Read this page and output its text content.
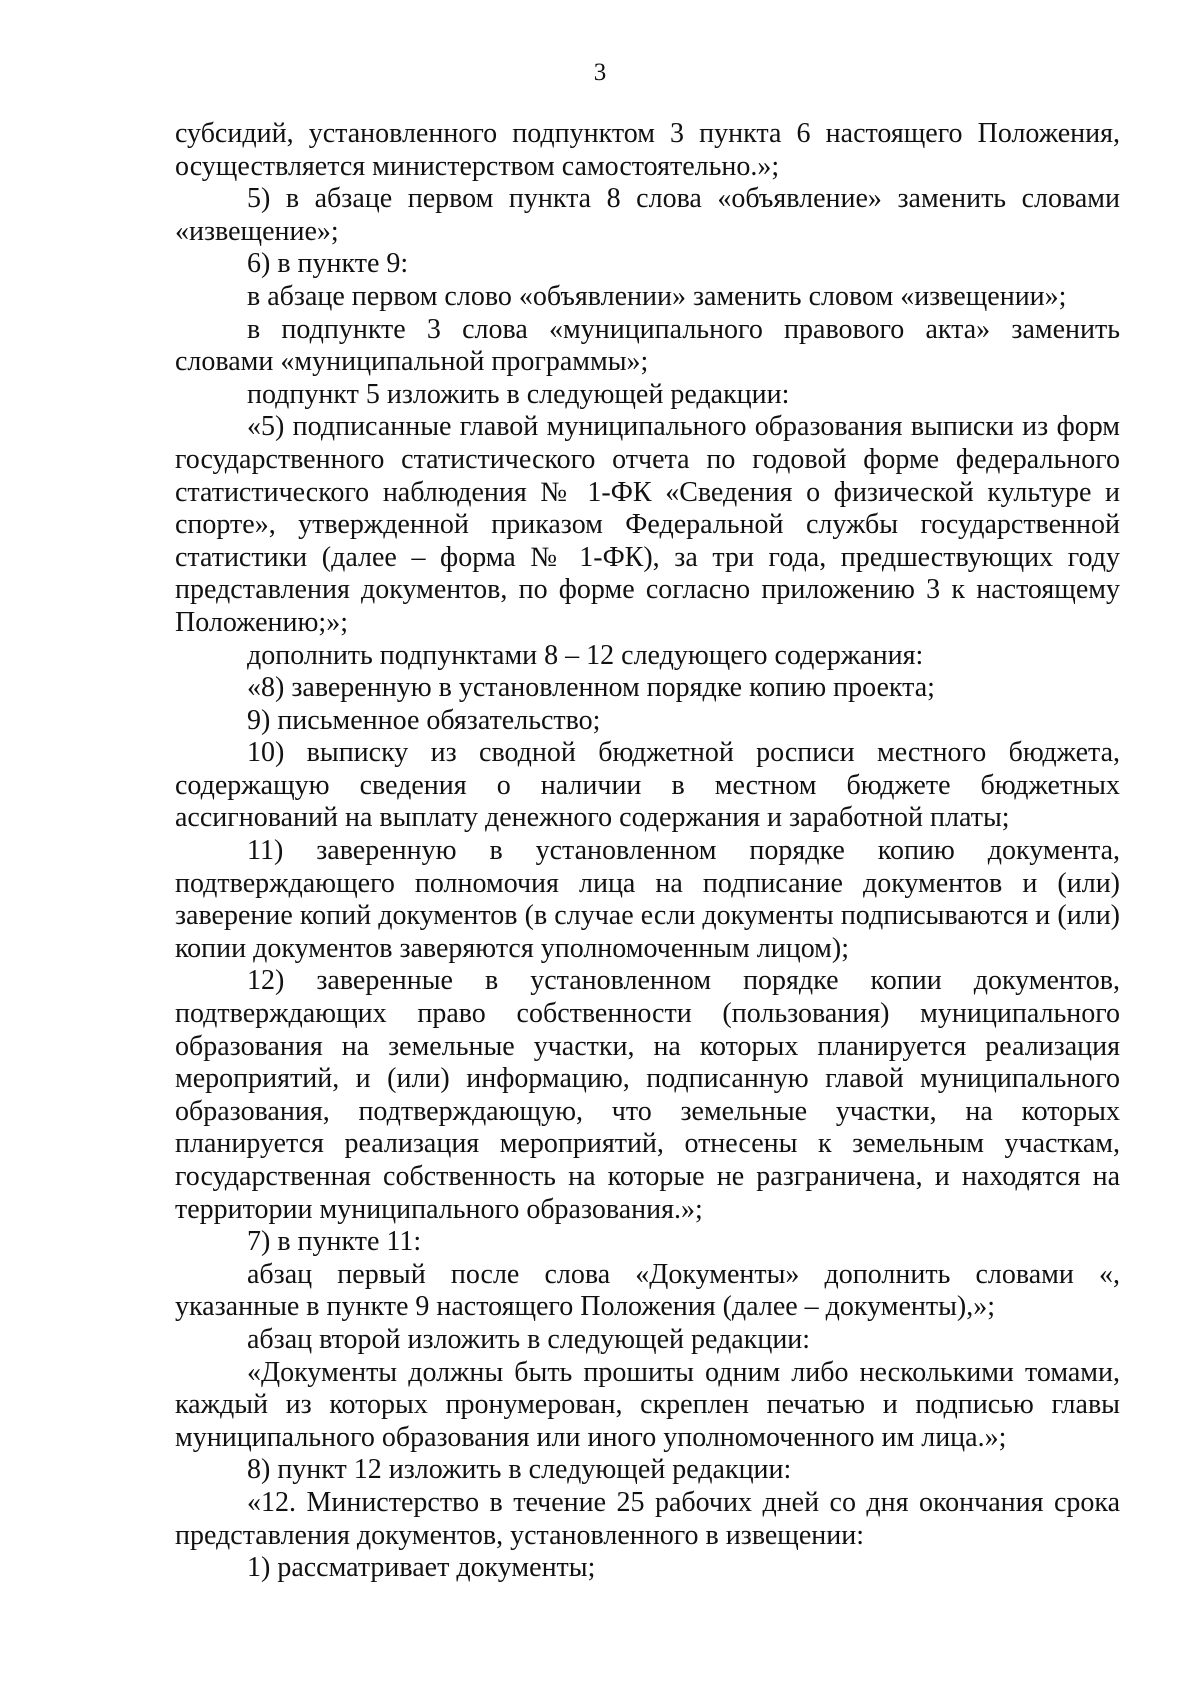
3

субсидий, установленного подпунктом 3 пункта 6 настоящего Положения, осуществляется министерством самостоятельно.»;

5) в абзаце первом пункта 8 слова «объявление» заменить словами «извещение»;

6) в пункте 9:

в абзаце первом слово «объявлении» заменить словом «извещении»;

в подпункте 3 слова «муниципального правового акта» заменить словами «муниципальной программы»;

подпункт 5 изложить в следующей редакции:

«5) подписанные главой муниципального образования выписки из форм государственного статистического отчета по годовой форме федерального статистического наблюдения № 1-ФК «Сведения о физической культуре и спорте», утвержденной приказом Федеральной службы государственной статистики (далее – форма № 1-ФК), за три года, предшествующих году представления документов, по форме согласно приложению 3 к настоящему Положению;»;

дополнить подпунктами 8 – 12 следующего содержания:

«8) заверенную в установленном порядке копию проекта;

9) письменное обязательство;

10) выписку из сводной бюджетной росписи местного бюджета, содержащую сведения о наличии в местном бюджете бюджетных ассигнований на выплату денежного содержания и заработной платы;

11) заверенную в установленном порядке копию документа, подтверждающего полномочия лица на подписание документов и (или) заверение копий документов (в случае если документы подписываются и (или) копии документов заверяются уполномоченным лицом);

12) заверенные в установленном порядке копии документов, подтверждающих право собственности (пользования) муниципального образования на земельные участки, на которых планируется реализация мероприятий, и (или) информацию, подписанную главой муниципального образования, подтверждающую, что земельные участки, на которых планируется реализация мероприятий, отнесены к земельным участкам, государственная собственность на которые не разграничена, и находятся на территории муниципального образования.»;

7) в пункте 11:

абзац первый после слова «Документы» дополнить словами «, указанные в пункте 9 настоящего Положения (далее – документы),»;

абзац второй изложить в следующей редакции:

«Документы должны быть прошиты одним либо несколькими томами, каждый из которых пронумерован, скреплен печатью и подписью главы муниципального образования или иного уполномоченного им лица.»;

8) пункт 12 изложить в следующей редакции:

«12. Министерство в течение 25 рабочих дней со дня окончания срока представления документов, установленного в извещении:

1) рассматривает документы;
